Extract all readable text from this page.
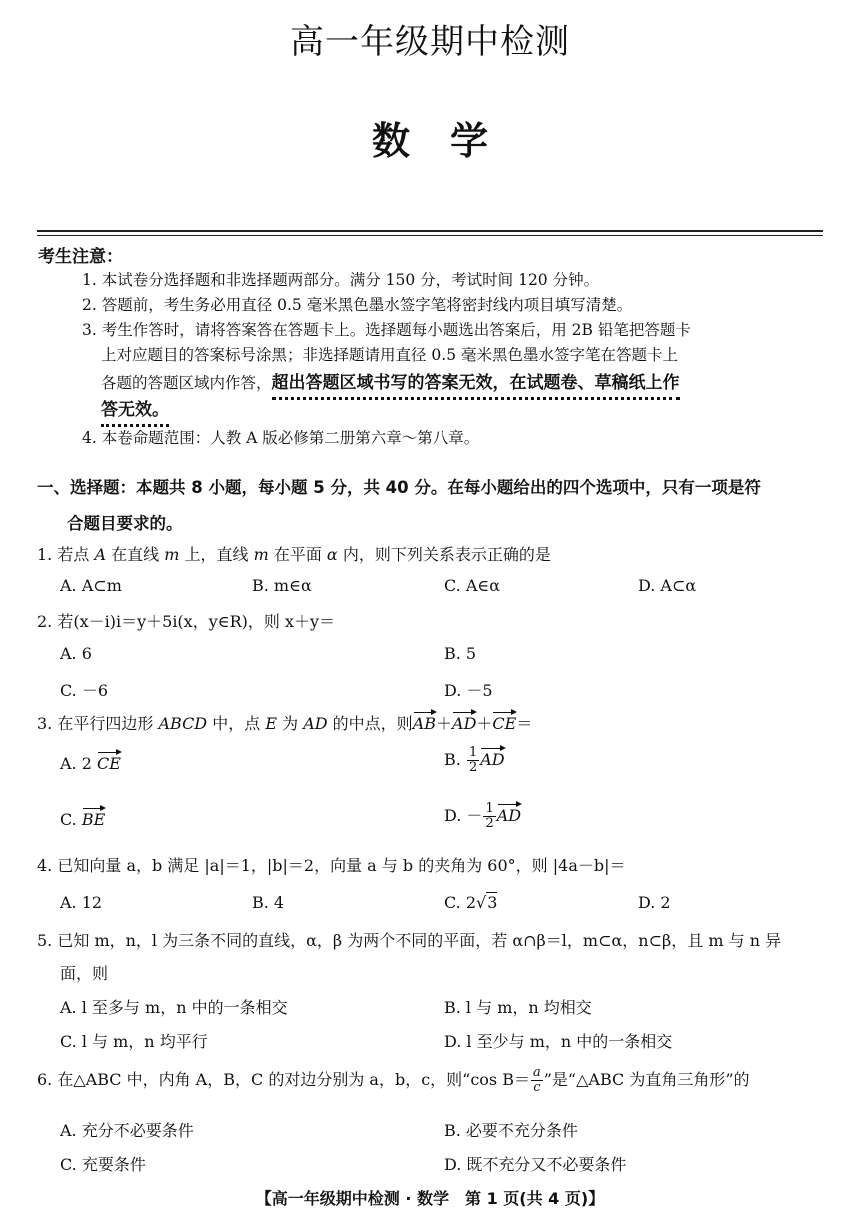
高一年级期中检测
数学
考生注意：
1. 本试卷分选择题和非选择题两部分。满分 150 分，考试时间 120 分钟。
2. 答题前，考生务必用直径 0.5 毫米黑色墨水签字笔将密封线内项目填写清楚。
3. 考生作答时，请将答案答在答题卡上。选择题每小题选出答案后，用 2B 铅笔把答题卡
上对应题目的答案标号涂黑；非选择题请用直径 0.5 毫米黑色墨水签字笔在答题卡上
各题的答题区域内作答，超出答题区域书写的答案无效，在试题卷、草稿纸上作
答无效。
4. 本卷命题范围：人教 A 版必修第二册第六章～第八章。
一、选择题：本题共 8 小题，每小题 5 分，共 40 分。在每小题给出的四个选项中，只有一项是符
合题目要求的。
1. 若点 A 在直线 m 上，直线 m 在平面 α 内，则下列关系表示正确的是
A. A⊂m	B. m∈α	C. A∈α	D. A⊂α
2. 若(x－i)i＝y＋5i(x，y∈R)，则 x＋y＝
A. 6	B. 5
C. －6	D. －5
3. 在平行四边形 ABCD 中，点 E 为 AD 的中点，则AB＋AD＋CE＝
A. 2 CE	B. $\frac{1}{2}$ AD
C. BE	D. － $\frac{1}{2}$ AD
4. 已知向量 a，b 满足 |a|＝1，|b|＝2，向量 a 与 b 的夹角为 60°，则 |4a－b|＝
A. 12	B. 4	C. 2√3	D. 2
5. 已知 m，n，l 为三条不同的直线，α，β 为两个不同的平面，若 α∩β＝l，m⊂α，n⊂β，且 m 与 n 异
面，则
A. l 至多与 m，n 中的一条相交	B. l 与 m，n 均相交
C. l 与 m，n 均平行	D. l 至少与 m，n 中的一条相交
6. 在△ABC 中，内角 A，B，C 的对边分别为 a，b，c，则“cos $B= \frac{a}{c}$ ”是“△ABC 为直角三角形”的
A. 充分不必要条件	B. 必要不充分条件
C. 充要条件	D. 既不充分又不必要条件
【高一年级期中检测 · 数学　第 1 页(共 4 页)】
